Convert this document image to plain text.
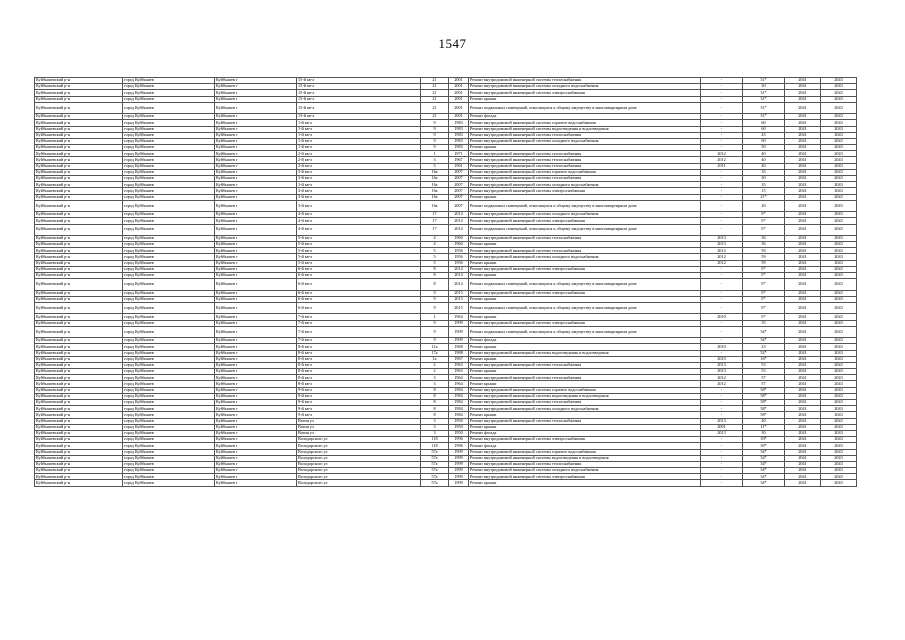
1547
Куйбышевский р-н	город Куйбышев	Куйбышев г	15-й кв-л	21	2001	Ремонт внутридомовой инженерной системы теплоснабжения	-	31*	2041	2043
Куйбышевский р-н	город Куйбышев	Куйбышев г	15-й кв-л	21	2001	Ремонт внутридомовой инженерной системы холодного водоснабжения	-	30	2041	2043
Куйбышевский р-н	город Куйбышев	Куйбышев г	15-й кв-л	21	2001	Ремонт внутридомовой инженерной системы электроснабжения	-	31*	2041	2043
Куйбышевский р-н	город Куйбышев	Куйбышев г	15-й кв-л	21	2001	Ремонт крыши	-	31*	2041	2043
Куйбышевский р-н	город Куйбышев	Куйбышев г	15-й кв-л	21	2001	Ремонт подвальных помещений, относящихся к общему имуществу в многоквартирном доме	-	31*	2041	2043
Куйбышевский р-н	город Куйбышев	Куйбышев г	15-й кв-л	21	2001	Ремонт фасада	-	31*	2041	2043
Куйбышевский р-н	город Куйбышев	Куйбышев г	1-й кв-л	9	1983	Ремонт внутридомовой инженерной системы горячего водоснабжения	-	60	2041	2043
Куйбышевский р-н	город Куйбышев	Куйбышев г	1-й кв-л	9	1983	Ремонт внутридомовой инженерной системы водоотведения и водоотведения	-	60	2041	2043
Куйбышевский р-н	город Куйбышев	Куйбышев г	1-й кв-л	9	1983	Ремонт внутридомовой инженерной системы теплоснабжения	-	43	2041	2043
Куйбышевский р-н	город Куйбышев	Куйбышев г	1-й кв-л	9	1983	Ремонт внутридомовой инженерной системы холодного водоснабжения	-	60	2041	2043
Куйбышевский р-н	город Куйбышев	Куйбышев г	1-й кв-л	9	1983	Ремонт крыши	-	50	2041	2043
Куйбышевский р-н	город Куйбышев	Куйбышев г	2-й кв-л	1	1971	Ремонт внутридомовой инженерной системы теплоснабжения	2012	40	2041	2043
Куйбышевский р-н	город Куйбышев	Куйбышев г	2-й кв-л	3	1967	Ремонт внутридомовой инженерной системы теплоснабжения	2012	40	2041	2043
Куйбышевский р-н	город Куйбышев	Куйбышев г	2-й кв-л	5	1961	Ремонт внутридомовой инженерной системы теплоснабжения	2011	40	2041	2043
Куйбышевский р-н	город Куйбышев	Куйбышев г	3-й кв-л	16а	2007	Ремонт внутридомовой инженерной системы горячего водоснабжения	-	35	2041	2043
Куйбышевский р-н	город Куйбышев	Куйбышев г	3-й кв-л	16а	2007	Ремонт внутридомовой инженерной системы теплоснабжения	-	30	2041	2043
Куйбышевский р-н	город Куйбышев	Куйбышев г	3-й кв-л	16а	2007	Ремонт внутридомовой инженерной системы холодного водоснабжения	-	35	2041	2043
Куйбышевский р-н	город Куйбышев	Куйбышев г	3-й кв-л	16а	2007	Ремонт внутридомовой инженерной системы электроснабжения	-	15	2041	2043
Куйбышевский р-н	город Куйбышев	Куйбышев г	3-й кв-л	16а	2007	Ремонт крыши	-	21*	2041	2043
Куйбышевский р-н	город Куйбышев	Куйбышев г	3-й кв-л	16а	2007	Ремонт подвальных помещений, относящихся к общему имуществу в многоквартирном доме	-	20	2041	2043
Куйбышевский р-н	город Куйбышев	Куйбышев г	4-й кв-л	17	2014	Ремонт внутридомовой инженерной системы холодного водоснабжения	-	0*	2041	2043
Куйбышевский р-н	город Куйбышев	Куйбышев г	4-й кв-л	17	2014	Ремонт внутридомовой инженерной системы электроснабжения	-	0*	2041	2043
Куйбышевский р-н	город Куйбышев	Куйбышев г	4-й кв-л	17	2014	Ремонт подвальных помещений, относящихся к общему имуществу в многоквартирном доме	-	0*	2041	2043
Куйбышевский р-н	город Куйбышев	Куйбышев г	5-й кв-л	4	1960	Ремонт внутридомовой инженерной системы теплоснабжения	2013	36	2041	2043
Куйбышевский р-н	город Куйбышев	Куйбышев г	5-й кв-л	4	1960	Ремонт крыши	2013	36	2041	2043
Куйбышевский р-н	город Куйбышев	Куйбышев г	5-й кв-л	5	1956	Ремонт внутридомовой инженерной системы теплоснабжения	2012	59	2041	2043
Куйбышевский р-н	город Куйбышев	Куйбышев г	5-й кв-л	5	1956	Ремонт внутридомовой инженерной системы холодного водоснабжения	2012	59	2041	2043
Куйбышевский р-н	город Куйбышев	Куйбышев г	5-й кв-л	5	1956	Ремонт крыши	2012	59	2041	2043
Куйбышевский р-н	город Куйбышев	Куйбышев г	6-й кв-л	8	2014	Ремонт внутридомовой инженерной системы электроснабжения	-	0*	2041	2043
Куйбышевский р-н	город Куйбышев	Куйбышев г	6-й кв-л	8	2014	Ремонт крыши	-	0*	2041	2043
Куйбышевский р-н	город Куйбышев	Куйбышев г	6-й кв-л	8	2014	Ремонт подвальных помещений, относящихся к общему имуществу в многоквартирном доме	-	0*	2041	2043
Куйбышевский р-н	город Куйбышев	Куйбышев г	6-й кв-л	9	2015	Ремонт внутридомовой инженерной системы электроснабжения	-	0*	2041	2043
Куйбышевский р-н	город Куйбышев	Куйбышев г	6-й кв-л	9	2015	Ремонт крыши	-	0*	2041	2043
Куйбышевский р-н	город Куйбышев	Куйбышев г	6-й кв-л	9	2015	Ремонт подвальных помещений, относящихся к общему имуществу в многоквартирном доме	-	0*	2041	2043
Куйбышевский р-н	город Куйбышев	Куйбышев г	7-й кв-л	1	1964	Ремонт крыши	2010	0*	2041	2043
Куйбышевский р-н	город Куйбышев	Куйбышев г	7-й кв-л	9	1999	Ремонт внутридомовой инженерной системы электроснабжения	-	35	2041	2043
Куйбышевский р-н	город Куйбышев	Куйбышев г	7-й кв-л	9	1999	Ремонт подвальных помещений, относящихся к общему имуществу в многоквартирном доме	-	34*	2041	2043
Куйбышевский р-н	город Куйбышев	Куйбышев г	7-й кв-л	9	1999	Ремонт фасада	-	34*	2041	2043
Куйбышевский р-н	город Куйбышев	Куйбышев г	8-й кв-л	11а	1968	Ремонт крыши	2010	23	2041	2043
Куйбышевский р-н	город Куйбышев	Куйбышев г	8-й кв-л	17а	1988	Ремонт внутридомовой инженерной системы водоотведения и водоотведения	-	52*	2041	2043
Куйбышевский р-н	город Куйбышев	Куйбышев г	8-й кв-л	1а	1967	Ремонт крыши	2010	16*	2041	2043
Куйбышевский р-н	город Куйбышев	Куйбышев г	8-й кв-л	2	1963	Ремонт внутридомовой инженерной системы теплоснабжения	2013	53	2041	2043
Куйбышевский р-н	город Куйбышев	Куйбышев г	8-й кв-л	2	1963	Ремонт крыши	2013	53	2041	2043
Куйбышевский р-н	город Куйбышев	Куйбышев г	8-й кв-л	3	1964	Ремонт внутридомовой инженерной системы теплоснабжения	2012	57	2041	2043
Куйбышевский р-н	город Куйбышев	Куйбышев г	8-й кв-л	3	1964	Ремонт крыши	2012	57	2041	2043
Куйбышевский р-н	город Куйбышев	Куйбышев г	9-й кв-л	8	1984	Ремонт внутридомовой инженерной системы горячего водоснабжения	-	58*	2041	2043
Куйбышевский р-н	город Куйбышев	Куйбышев г	9-й кв-л	8	1984	Ремонт внутридомовой инженерной системы водоотведения и водоотведения	-	58*	2041	2043
Куйбышевский р-н	город Куйбышев	Куйбышев г	9-й кв-л	8	1984	Ремонт внутридомовой инженерной системы теплоснабжения	-	58*	2041	2043
Куйбышевский р-н	город Куйбышев	Куйбышев г	9-й кв-л	8	1984	Ремонт внутридомовой инженерной системы холодного водоснабжения	-	58*	2041	2043
Куйбышевский р-н	город Куйбышев	Куйбышев г	9-й кв-л	8	1984	Ремонт крыши	-	58*	2041	2043
Куйбышевский р-н	город Куйбышев	Куйбышев г	Ватин ул	3	1950	Ремонт внутридомовой инженерной системы теплоснабжения	2013	40	2041	2043
Куйбышевский р-н	город Куйбышев	Куйбышев г	Ватин ул	3	1950	Ремонт крыши	2001	11*	2041	2043
Куйбышевский р-н	город Куйбышев	Куйбышев г	Ватин ул	3	1950	Ремонт фасада	2013	30	2041	2043
Куйбышевский р-н	город Куйбышев	Куйбышев г	Володарского ул	118	1996	Ремонт внутридомовой инженерной системы электроснабжения	-	39*	2041	2043
Куйбышевский р-н	город Куйбышев	Куйбышев г	Володарского ул	118	1996	Ремонт фасада	-	39*	2041	2043
Куйбышевский р-н	город Куйбышев	Куйбышев г	Володарского ул	57а	1999	Ремонт внутридомовой инженерной системы горячего водоснабжения	-	34*	2041	2043
Куйбышевский р-н	город Куйбышев	Куйбышев г	Володарского ул	57а	1999	Ремонт внутридомовой инженерной системы водоотведения и водоотведения	-	34*	2041	2043
Куйбышевский р-н	город Куйбышев	Куйбышев г	Володарского ул	57а	1999	Ремонт внутридомовой инженерной системы теплоснабжения	-	34*	2041	2043
Куйбышевский р-н	город Куйбышев	Куйбышев г	Володарского ул	57а	1999	Ремонт внутридомовой инженерной системы холодного водоснабжения	-	34*	2041	2043
Куйбышевский р-н	город Куйбышев	Куйбышев г	Володарского ул	57а	1999	Ремонт внутридомовой инженерной системы электроснабжения	-	34*	2041	2043
Куйбышевский р-н	город Куйбышев	Куйбышев г	Володарского ул	57а	1999	Ремонт крыши	-	34*	2041	2043
